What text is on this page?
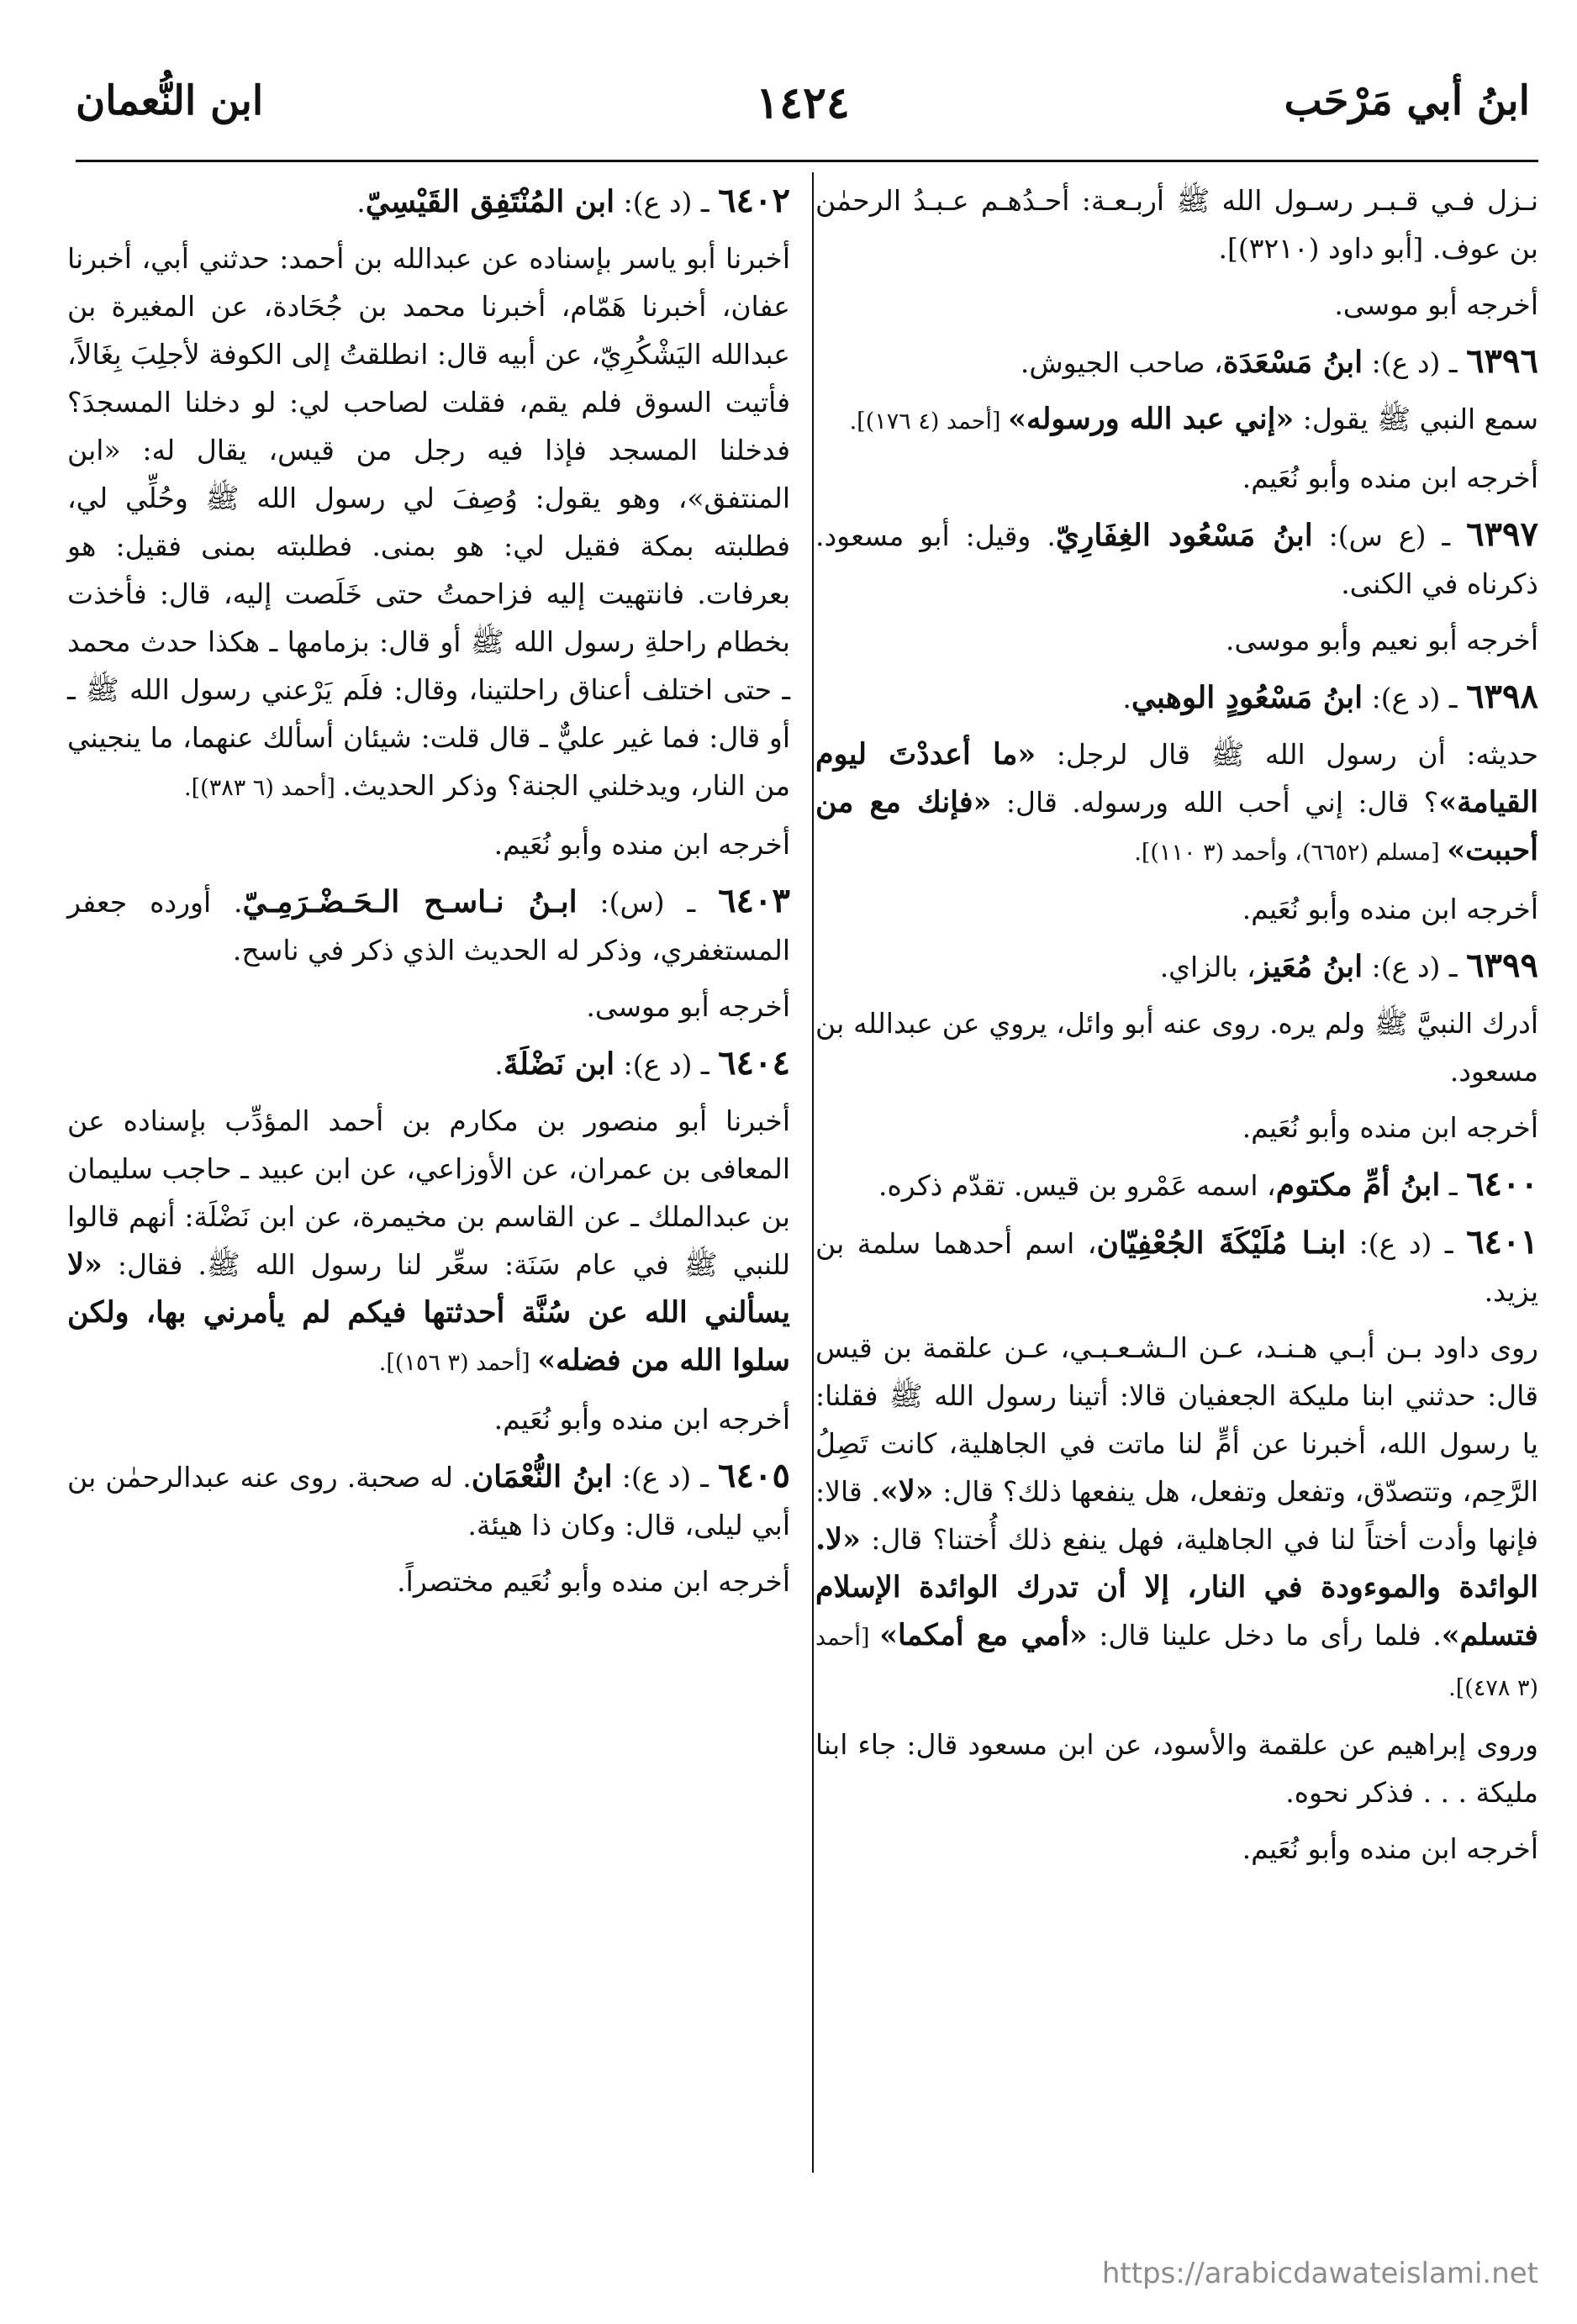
ابنُ أبي مَرْحَب
١٤٢٤
ابن النُّعمان

نـزل فـي قـبـر رسـول الله ﷺ أربـعـة: أحـدُهـم عـبـدُ الرحمٰن بن عوف. [أبو داود (٣٢١٠)].

أخرجه أبو موسى.

٦٣٩٦ ـ (د ع): ابنُ مَسْعَدَة، صاحب الجيوش.

سمع النبي ﷺ يقول: «إني عبد الله ورسوله» [أحمد (٤ ١٧٦)].

أخرجه ابن منده وأبو نُعَيم.

٦٣٩٧ ـ (ع س): ابنُ مَسْعُود الغِفَارِيّ. وقيل: أبو مسعود. ذكرناه في الكنى.

أخرجه أبو نعيم وأبو موسى.

٦٣٩٨ ـ (د ع): ابنُ مَسْعُودٍ الوهبي.

حديثه: أن رسول الله ﷺ قال لرجل: «ما أعددْتَ ليوم القيامة»؟ قال: إني أحب الله ورسوله. قال: «فإنك مع من أحببت» [مسلم (٦٦٥٢)، وأحمد (٣ ١١٠)].

أخرجه ابن منده وأبو نُعَيم.

٦٣٩٩ ـ (د ع): ابنُ مُعَيز، بالزاي.

أدرك النبيَّ ﷺ ولم يره. روى عنه أبو وائل، يروي عن عبدالله بن مسعود.

أخرجه ابن منده وأبو نُعَيم.

٦٤٠٠ ـ ابنُ أمِّ مكتوم، اسمه عَمْرو بن قيس. تقدّم ذكره.

٦٤٠١ ـ (د ع): ابنـا مُلَيْكَةَ الجُعْفِيّان، اسم أحدهما سلمة بن يزيد.

روى داود بـن أبـي هـنـد، عـن الـشـعـبـي، عـن علقمة بن قيس قال: حدثني ابنا مليكة الجعفيان قالا: أتينا رسول الله ﷺ فقلنا: يا رسول الله، أخبرنا عن أمٍّ لنا ماتت في الجاهلية، كانت تَصِلُ الرَّحِم، وتتصدّق، وتفعل وتفعل، هل ينفعها ذلك؟ قال: «لا». قالا: فإنها وأدت أختاً لنا في الجاهلية، فهل ينفع ذلك أُختنا؟ قال: «لا. الوائدة والموءودة في النار، إلا أن تدرك الوائدة الإسلام فتسلم». فلما رأى ما دخل علينا قال: «أمي مع أمكما» [أحمد (٣ ٤٧٨)].

وروى إبراهيم عن علقمة والأسود، عن ابن مسعود قال: جاء ابنا مليكة . . . فذكر نحوه.

أخرجه ابن منده وأبو نُعَيم.

٦٤٠٢ ـ (د ع): ابن المُنْتَفِق القَيْسِيّ.

أخبرنا أبو ياسر بإسناده عن عبدالله بن أحمد: حدثني أبي، أخبرنا عفان، أخبرنا هَمّام، أخبرنا محمد بن جُحَادة، عن المغيرة بن عبدالله اليَشْكُرِيّ، عن أبيه قال: انطلقتُ إلى الكوفة لأجلِبَ بِغَالاً، فأتيت السوق فلم يقم، فقلت لصاحب لي: لو دخلنا المسجدَ؟ فدخلنا المسجد فإذا فيه رجل من قيس، يقال له: «ابن المنتفق»، وهو يقول: وُصِفَ لي رسول الله ﷺ وحُلِّي لي، فطلبته بمكة فقيل لي: هو بمنى. فطلبته بمنى فقيل: هو بعرفات. فانتهيت إليه فزاحمتُ حتى خَلَصت إليه، قال: فأخذت بخطام راحلةِ رسول الله ﷺ أو قال: بزمامها ـ هكذا حدث محمد ـ حتى اختلف أعناق راحلتينا، وقال: فلَم يَرْعني رسول الله ﷺ ـ أو قال: فما غير عليٌّ ـ قال قلت: شيئان أسألك عنهما، ما ينجيني من النار، ويدخلني الجنة؟ وذكر الحديث. [أحمد (٦ ٣٨٣)].

أخرجه ابن منده وأبو نُعَيم.

٦٤٠٣ ـ (س): ابـنُ نـاسـح الـحَـضْـرَمِـيّ. أورده جعفر المستغفري، وذكر له الحديث الذي ذكر في ناسح.

أخرجه أبو موسى.

٦٤٠٤ ـ (د ع): ابن نَضْلَةَ.

أخبرنا أبو منصور بن مكارم بن أحمد المؤدِّب بإسناده عن المعافى بن عمران، عن الأوزاعي، عن ابن عبيد ـ حاجب سليمان بن عبدالملك ـ عن القاسم بن مخيمرة، عن ابن نَضْلَة: أنهم قالوا للنبي ﷺ في عام سَنَة: سعِّر لنا رسول الله ﷺ. فقال: «لا يسألني الله عن سُنَّة أحدثتها فيكم لم يأمرني بها، ولكن سلوا الله من فضله» [أحمد (٣ ١٥٦)].

أخرجه ابن منده وأبو نُعَيم.

٦٤٠٥ ـ (د ع): ابنُ النُّعْمَان. له صحبة. روى عنه عبدالرحمٰن بن أبي ليلى، قال: وكان ذا هيئة.

أخرجه ابن منده وأبو نُعَيم مختصراً.

https://arabicdawateislami.net
